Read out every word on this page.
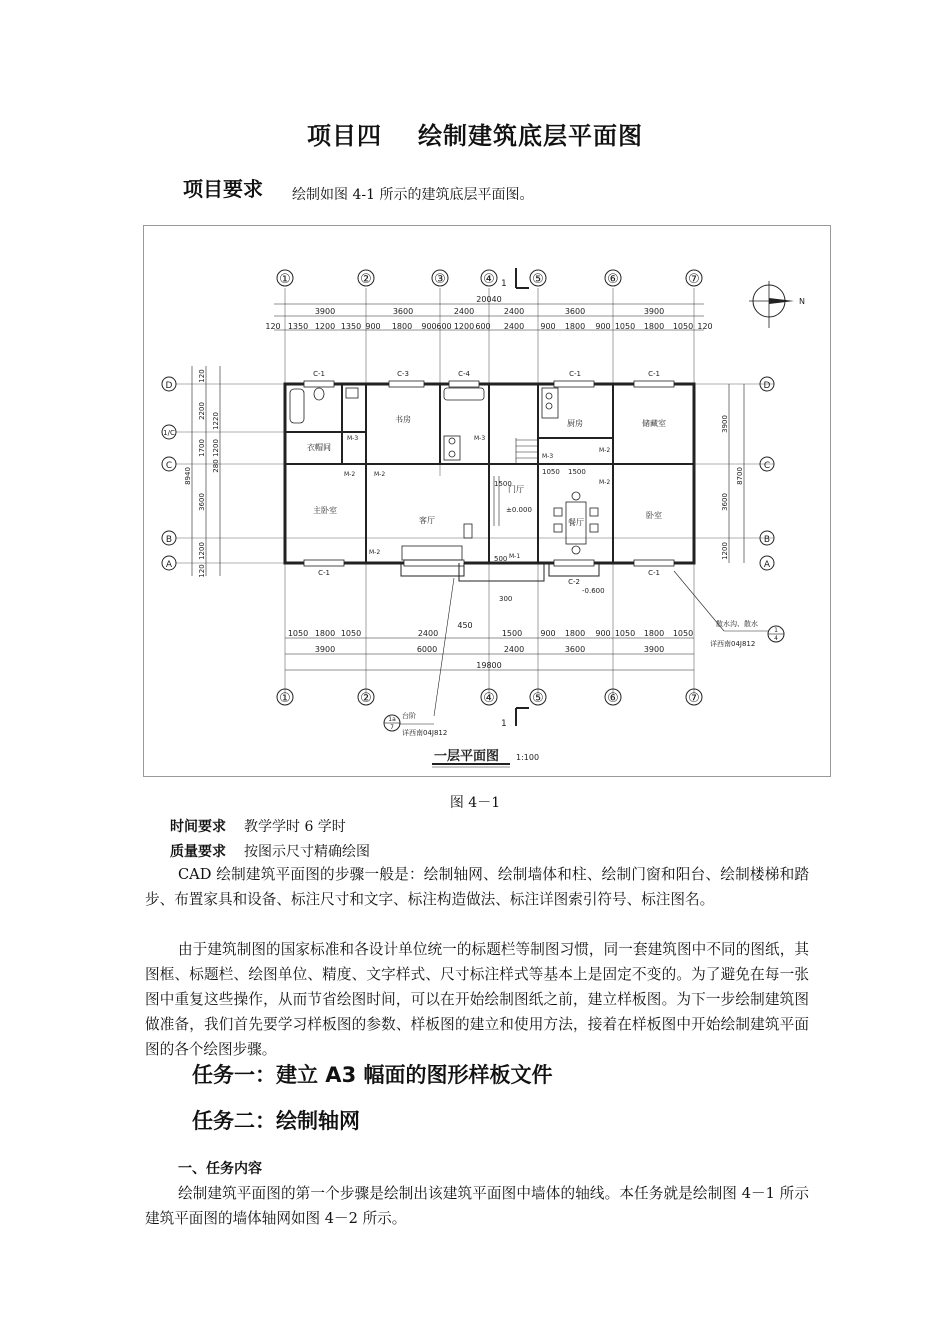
项目四 绘制建筑底层平面图
项目要求 绘制如图 4-1 所示的建筑底层平面图。
①	②	③	④	⑤	⑥	⑦
①	②	④	⑤	⑥	⑦
D
1/C
C
B
A
D
C
B
A
1
1
20040
3900	3600	2400	2400	3600	3900
120 1350 1200 1350 900 1800 900 600 1200 600 2400 900 1800 900 1050 1800 1050 120
书房	厨房	储藏室
衣帽间
主卧室
客厅
门厅
餐厅
卧室
C-1	C-3	C-4	C-1	C-1
C-1
C-2
C-1
M-3
M-2	M-2
M-3
M-2
M-3
M-2
M-1
M-2
±0.000
-0.600
1050 1500
1500
300
500
120
2200
1700
3600
1200
120
8940
1200
280
1220	3900
8700
3600
1200
1050 1800 1050	2400
450
1500 900 1800 900 1050 1800 1050
3900	6000	2400	3600	3900
19800
散水沟、散水
详西南04J812
1
4
台阶
详西南04J812
1a
7
N
一层平面图 1:100
图 4－1
时间要求 教学学时 6 学时
质量要求 按图示尺寸精确绘图
CAD 绘制建筑平面图的步骤一般是：绘制轴网、绘制墙体和柱、绘制门窗和阳台、绘制楼梯和踏步、布置家具和设备、标注尺寸和文字、标注构造做法、标注详图索引符号、标注图名。
由于建筑制图的国家标准和各设计单位统一的标题栏等制图习惯，同一套建筑图中不同的图纸，其图框、标题栏、绘图单位、精度、文字样式、尺寸标注样式等基本上是固定不变的。为了避免在每一张图中重复这些操作，从而节省绘图时间，可以在开始绘制图纸之前，建立样板图。为下一步绘制建筑图做准备，我们首先要学习样板图的参数、样板图的建立和使用方法，接着在样板图中开始绘制建筑平面图的各个绘图步骤。
任务一：建立 A3 幅面的图形样板文件
任务二：绘制轴网
一、任务内容
绘制建筑平面图的第一个步骤是绘制出该建筑平面图中墙体的轴线。本任务就是绘制图 4－1 所示建筑平面图的墙体轴网如图 4－2 所示。
